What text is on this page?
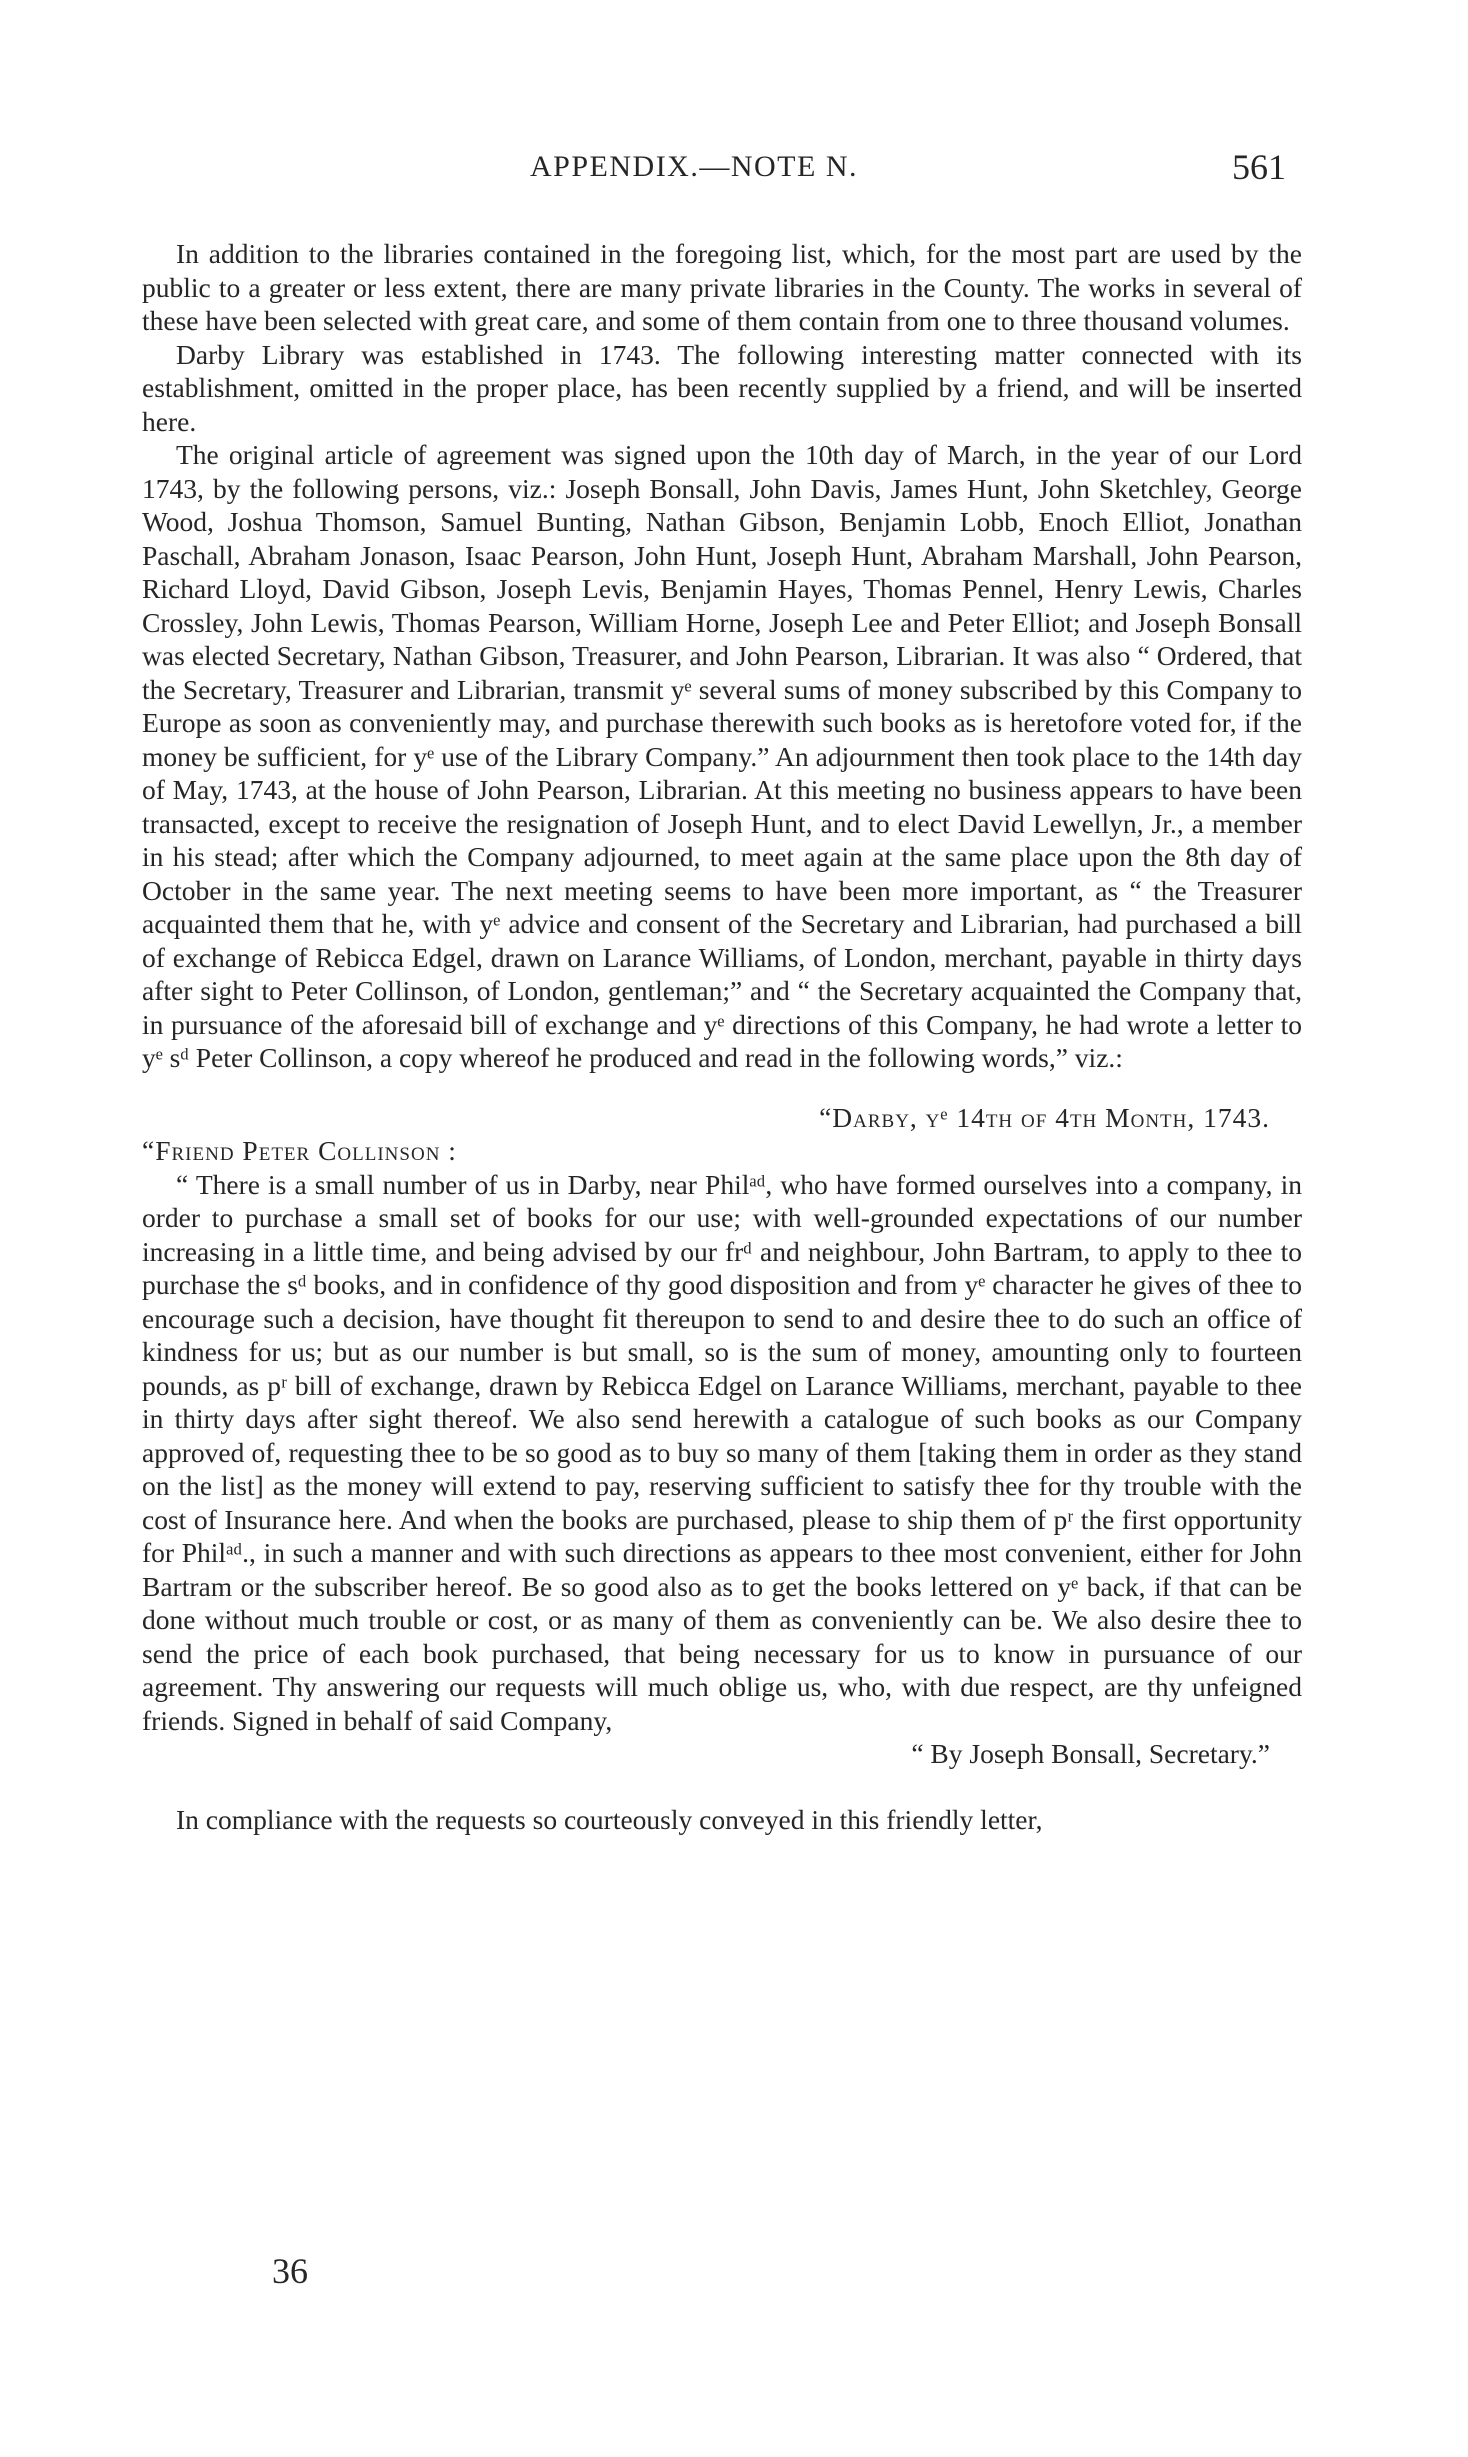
APPENDIX.—NOTE N.	561

In addition to the libraries contained in the foregoing list, which, for the most part are used by the public to a greater or less extent, there are many private libraries in the County. The works in several of these have been selected with great care, and some of them contain from one to three thousand volumes.

Darby Library was established in 1743. The following interesting matter connected with its establishment, omitted in the proper place, has been recently supplied by a friend, and will be inserted here.

The original article of agreement was signed upon the 10th day of March, in the year of our Lord 1743, by the following persons, viz.: Joseph Bonsall, John Davis, James Hunt, John Sketchley, George Wood, Joshua Thomson, Samuel Bunting, Nathan Gibson, Benjamin Lobb, Enoch Elliot, Jonathan Paschall, Abraham Jonason, Isaac Pearson, John Hunt, Joseph Hunt, Abraham Marshall, John Pearson, Richard Lloyd, David Gibson, Joseph Levis, Benjamin Hayes, Thomas Pennel, Henry Lewis, Charles Crossley, John Lewis, Thomas Pearson, William Horne, Joseph Lee and Peter Elliot; and Joseph Bonsall was elected Secretary, Nathan Gibson, Treasurer, and John Pearson, Librarian. It was also “ Ordered, that the Secretary, Treasurer and Librarian, transmit yᵉ several sums of money subscribed by this Company to Europe as soon as conveniently may, and purchase therewith such books as is heretofore voted for, if the money be sufficient, for yᵉ use of the Library Company.” An adjournment then took place to the 14th day of May, 1743, at the house of John Pearson, Librarian. At this meeting no business appears to have been transacted, except to receive the resignation of Joseph Hunt, and to elect David Lewellyn, Jr., a member in his stead; after which the Company adjourned, to meet again at the same place upon the 8th day of October in the same year. The next meeting seems to have been more important, as “ the Treasurer acquainted them that he, with yᵉ advice and consent of the Secretary and Librarian, had purchased a bill of exchange of Rebicca Edgel, drawn on Larance Williams, of London, merchant, payable in thirty days after sight to Peter Collinson, of London, gentleman;” and “ the Secretary acquainted the Company that, in pursuance of the aforesaid bill of exchange and yᵉ directions of this Company, he had wrote a letter to yᵉ sᵈ Peter Collinson, a copy whereof he produced and read in the following words,” viz.:

“Darby, yᵉ 14th of 4th Month, 1743.
“Friend Peter Collinson :

“ There is a small number of us in Darby, near Philᵃᵈ, who have formed ourselves into a company, in order to purchase a small set of books for our use; with well-grounded expectations of our number increasing in a little time, and being advised by our frᵈ and neighbour, John Bartram, to apply to thee to purchase the sᵈ books, and in confidence of thy good disposition and from yᵉ character he gives of thee to encourage such a decision, have thought fit thereupon to send to and desire thee to do such an office of kindness for us; but as our number is but small, so is the sum of money, amounting only to fourteen pounds, as pʳ bill of exchange, drawn by Rebicca Edgel on Larance Williams, merchant, payable to thee in thirty days after sight thereof. We also send herewith a catalogue of such books as our Company approved of, requesting thee to be so good as to buy so many of them [taking them in order as they stand on the list] as the money will extend to pay, reserving sufficient to satisfy thee for thy trouble with the cost of Insurance here. And when the books are purchased, please to ship them of pʳ the first opportunity for Philᵃᵈ., in such a manner and with such directions as appears to thee most convenient, either for John Bartram or the subscriber hereof. Be so good also as to get the books lettered on yᵉ back, if that can be done without much trouble or cost, or as many of them as conveniently can be. We also desire thee to send the price of each book purchased, that being necessary for us to know in pursuance of our agreement. Thy answering our requests will much oblige us, who, with due respect, are thy unfeigned friends. Signed in behalf of said Company,

“ By Joseph Bonsall, Secretary.”

In compliance with the requests so courteously conveyed in this friendly letter,

36
